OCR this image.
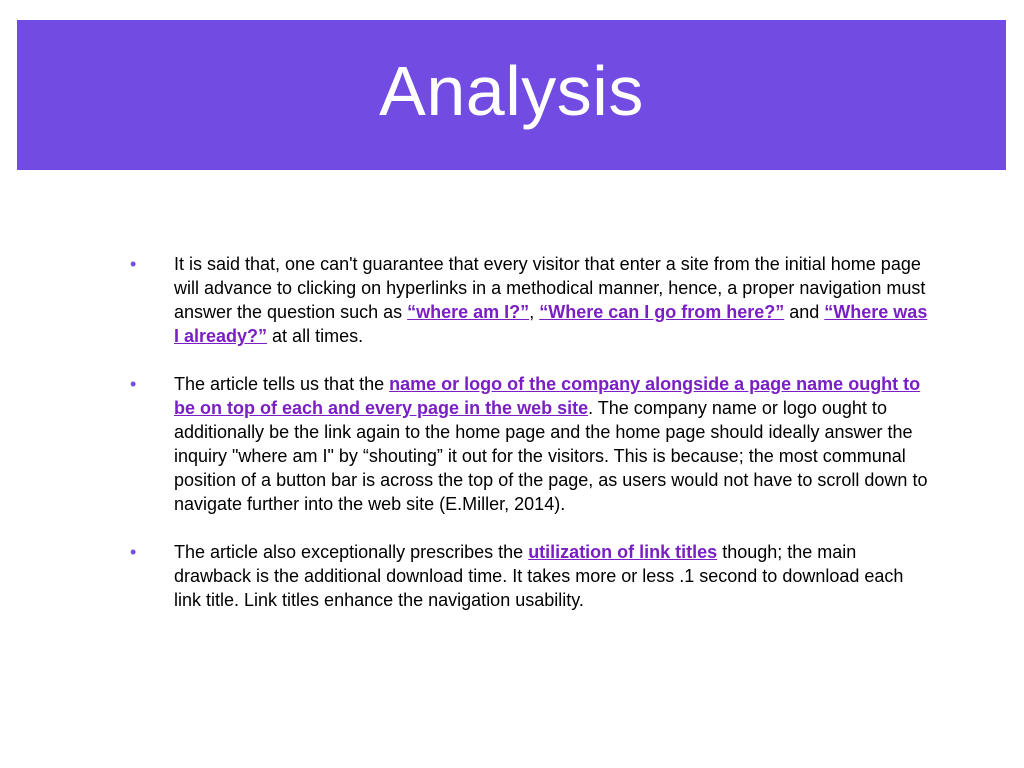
Analysis
• It is said that, one can't guarantee that every visitor that enter a site from the initial home page will advance to clicking on hyperlinks in a methodical manner, hence, a proper navigation must answer the question such as “where am I?”, “Where can I go from here?” and “Where was I already?” at all times.
• The article tells us that the name or logo of the company alongside a page name ought to be on top of each and every page in the web site. The company name or logo ought to additionally be the link again to the home page and the home page should ideally answer the inquiry "where am I" by “shouting” it out for the visitors. This is because; the most communal position of a button bar is across the top of the page, as users would not have to scroll down to navigate further into the web site (E.Miller, 2014).
• The article also exceptionally prescribes the utilization of link titles though; the main drawback is the additional download time. It takes more or less .1 second to download each link title. Link titles enhance the navigation usability.
